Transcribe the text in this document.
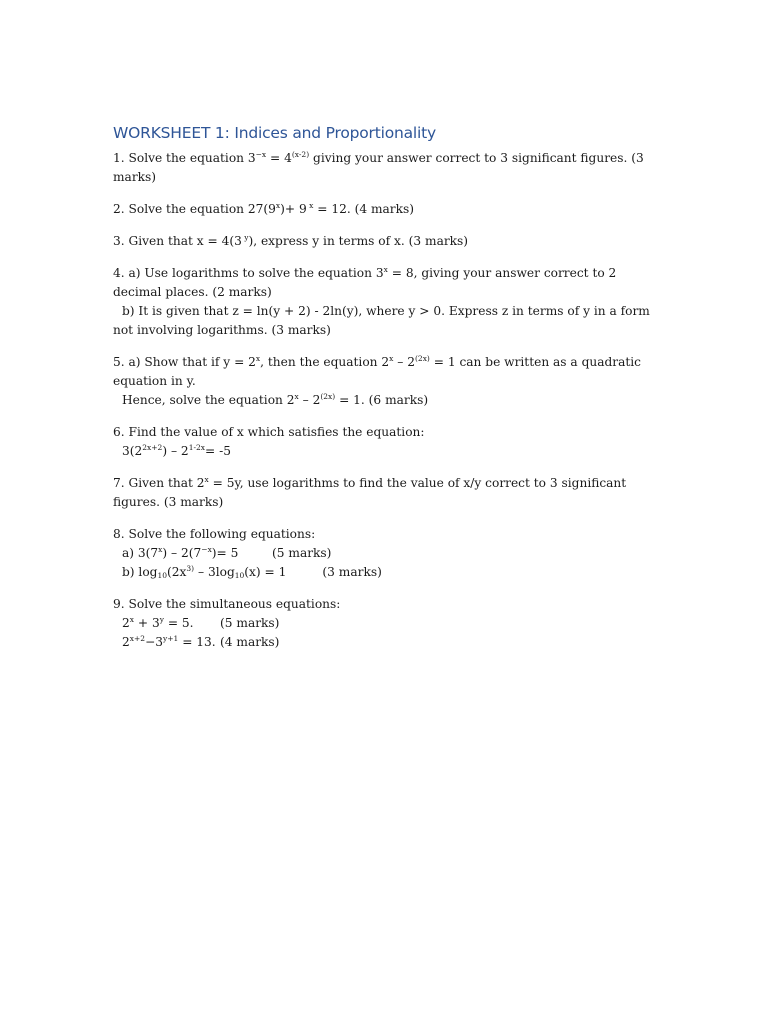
WORKSHEET 1: Indices and Proportionality
1. Solve the equation $3^{-x} = 4^{(x-2)}$ giving your answer correct to 3 significant figures. (3 marks)
2. Solve the equation $27(9^x)+ 9$ $^x$ = 12. (4 marks)
3. Given that x = 4(3 $^y$), express y in terms of x. (3 marks)
4. a) Use logarithms to solve the equation $3^x = 8$, giving your answer correct to 2 decimal places. (2 marks)
b) It is given that z = ln(y + 2) - 2ln(y), where y > 0. Express z in terms of y in a form not involving logarithms. (3 marks)
5. a) Show that if $y = 2^x$, then the equation $2^x - 2^{(2x)} = 1$ can be written as a quadratic equation in y.
Hence, solve the equation $2^x - 2^{(2x)} = 1$. (6 marks)
6. Find the value of x which satisfies the equation:
$3(2^{2x+2}) - 2^{1-2x}= -5$
7. Given that $2^x = 5y$, use logarithms to find the value of x/y correct to 3 significant figures. (3 marks)
8. Solve the following equations:
a) $3(7^x) - 2(7^{-x})= 5$	(5 marks)
b) $\log_{10}(2x^{3)} - 3\log_{10}(x) = 1$	(3 marks)
9. Solve the simultaneous equations:
$2^x + 3^y = 5$. (5 marks)
$2^{x+2}-3^{y+1} = 13$. (4 marks)
